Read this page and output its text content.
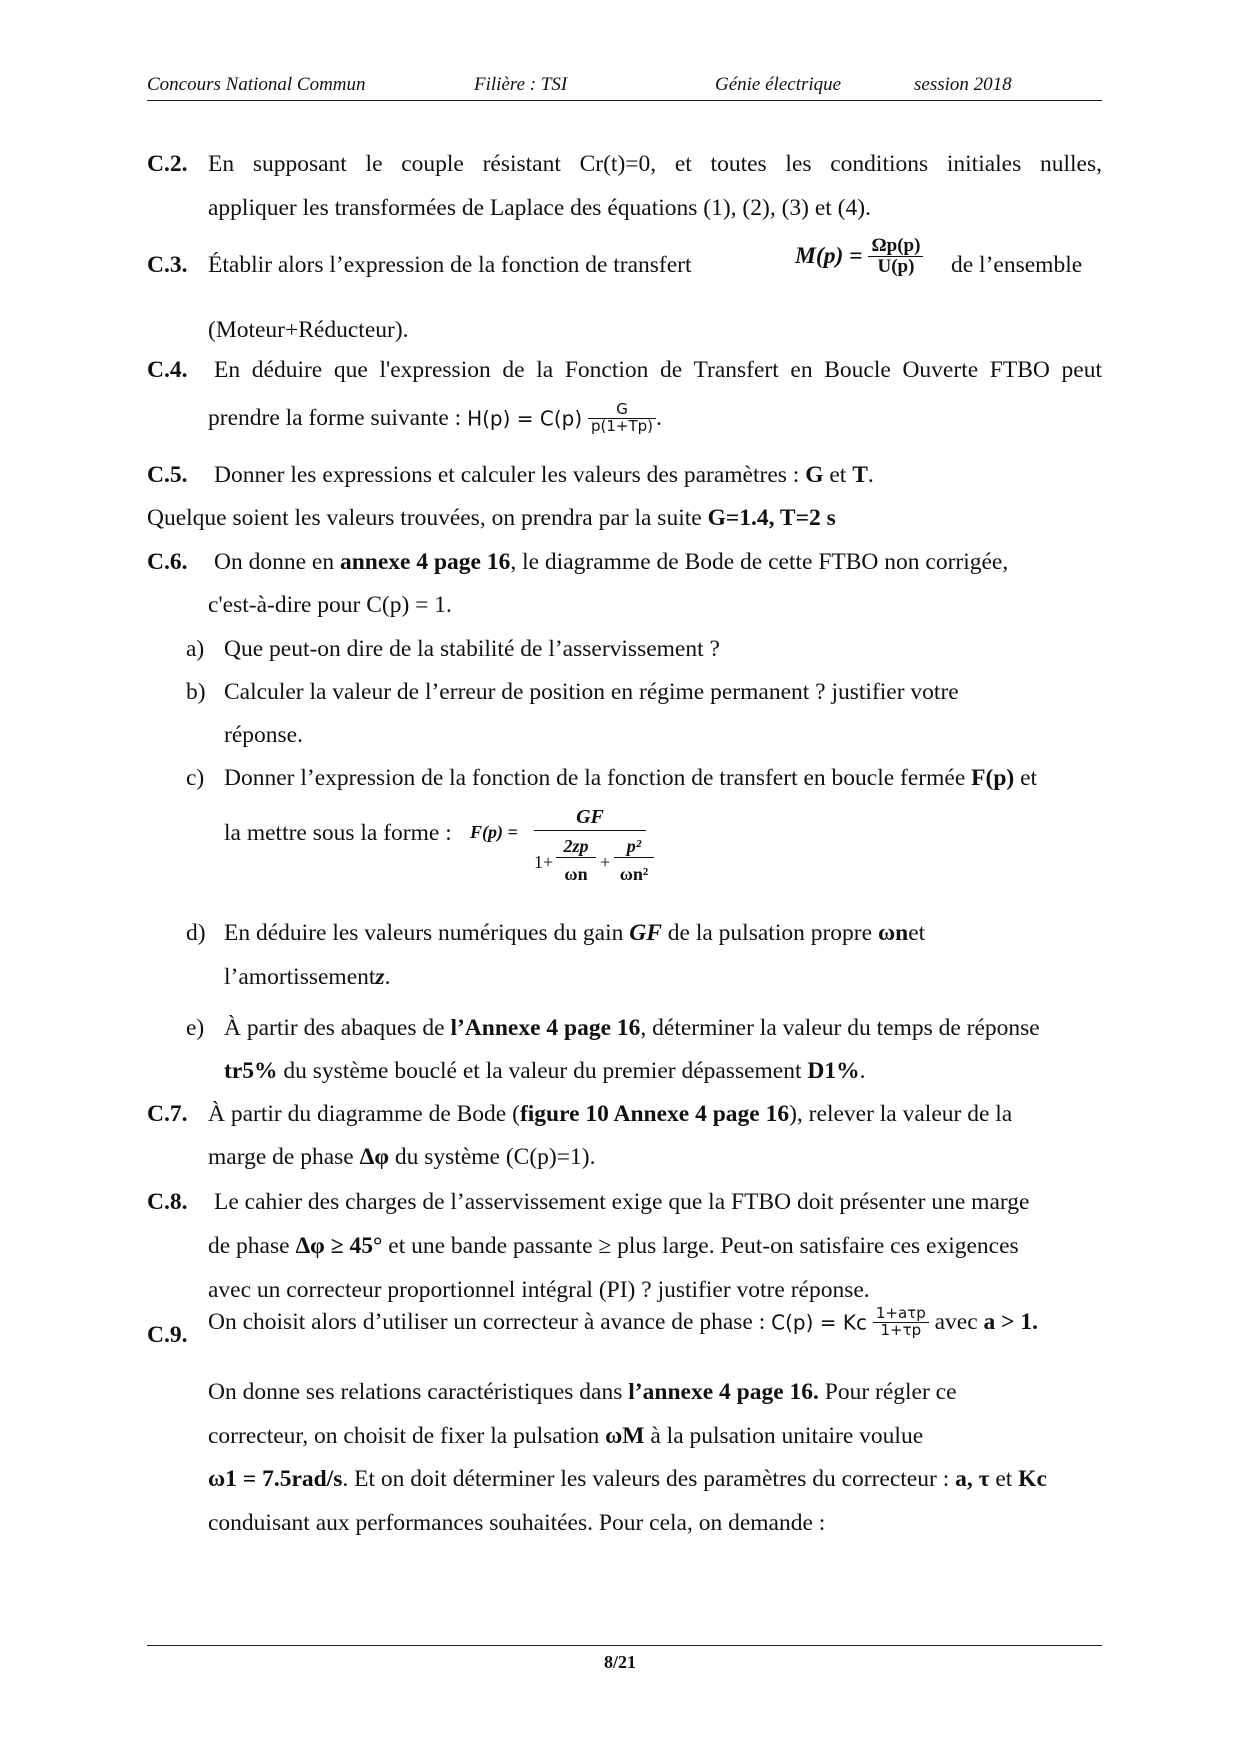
Concours National Commun	Filière : TSI	Génie électrique	session 2018
C.2. En supposant le couple résistant Cr(t)=0, et toutes les conditions initiales nulles,
appliquer les transformées de Laplace des équations (1), (2), (3) et (4).
C.3. Établir alors l’expression de la fonction de transfert	$M(p) = \frac{\Omega p(p)}{U(p)}$ de l’ensemble
(Moteur+Réducteur).
C.4. En déduire que l'expression de la Fonction de Transfert en Boucle Ouverte FTBO peut
prendre la forme suivante : $H(p) = C(p) \frac{G}{p(1+Tp)}$ .
C.5. Donner les expressions et calculer les valeurs des paramètres : G et T.
Quelque soient les valeurs trouvées, on prendra par la suite G=1.4, T=2 s
C.6. On donne en annexe 4 page 16, le diagramme de Bode de cette FTBO non corrigée,
c'est-à-dire pour C(p) = 1.
a) Que peut-on dire de la stabilité de l’asservissement ?
b) Calculer la valeur de l’erreur de position en régime permanent ? justifier votre
réponse.
c) Donner l’expression de la fonction de la fonction de transfert en boucle fermée F(p) et
la mettre sous la forme : F(p) =
GF
1+
2zp
ωn
+
p²
ωn²
d) En déduire les valeurs numériques du gain GF de la pulsation propre ωnet
l’amortissementz.
e) À partir des abaques de l’Annexe 4 page 16, déterminer la valeur du temps de réponse
tr5% du système bouclé et la valeur du premier dépassement D1%.
C.7. À partir du diagramme de Bode (figure 10 Annexe 4 page 16), relever la valeur de la
marge de phase Δφ du système (C(p)=1).
C.8. Le cahier des charges de l’asservissement exige que la FTBO doit présenter une marge
de phase Δφ ≥ 45° et une bande passante ≥ plus large. Peut-on satisfaire ces exigences
avec un correcteur proportionnel intégral (PI) ? justifier votre réponse.
C.9.
On choisit alors d’utiliser un correcteur à avance de phase : C(p) = Kc $\frac{\text{1+aτp}}{1+\tau p}$ avec a > 1.
On donne ses relations caractéristiques dans l’annexe 4 page 16. Pour régler ce
correcteur, on choisit de fixer la pulsation ωM à la pulsation unitaire voulue
ω1 = 7.5rad/s. Et on doit déterminer les valeurs des paramètres du correcteur : a, τ et Kc
conduisant aux performances souhaitées. Pour cela, on demande :
8/21
